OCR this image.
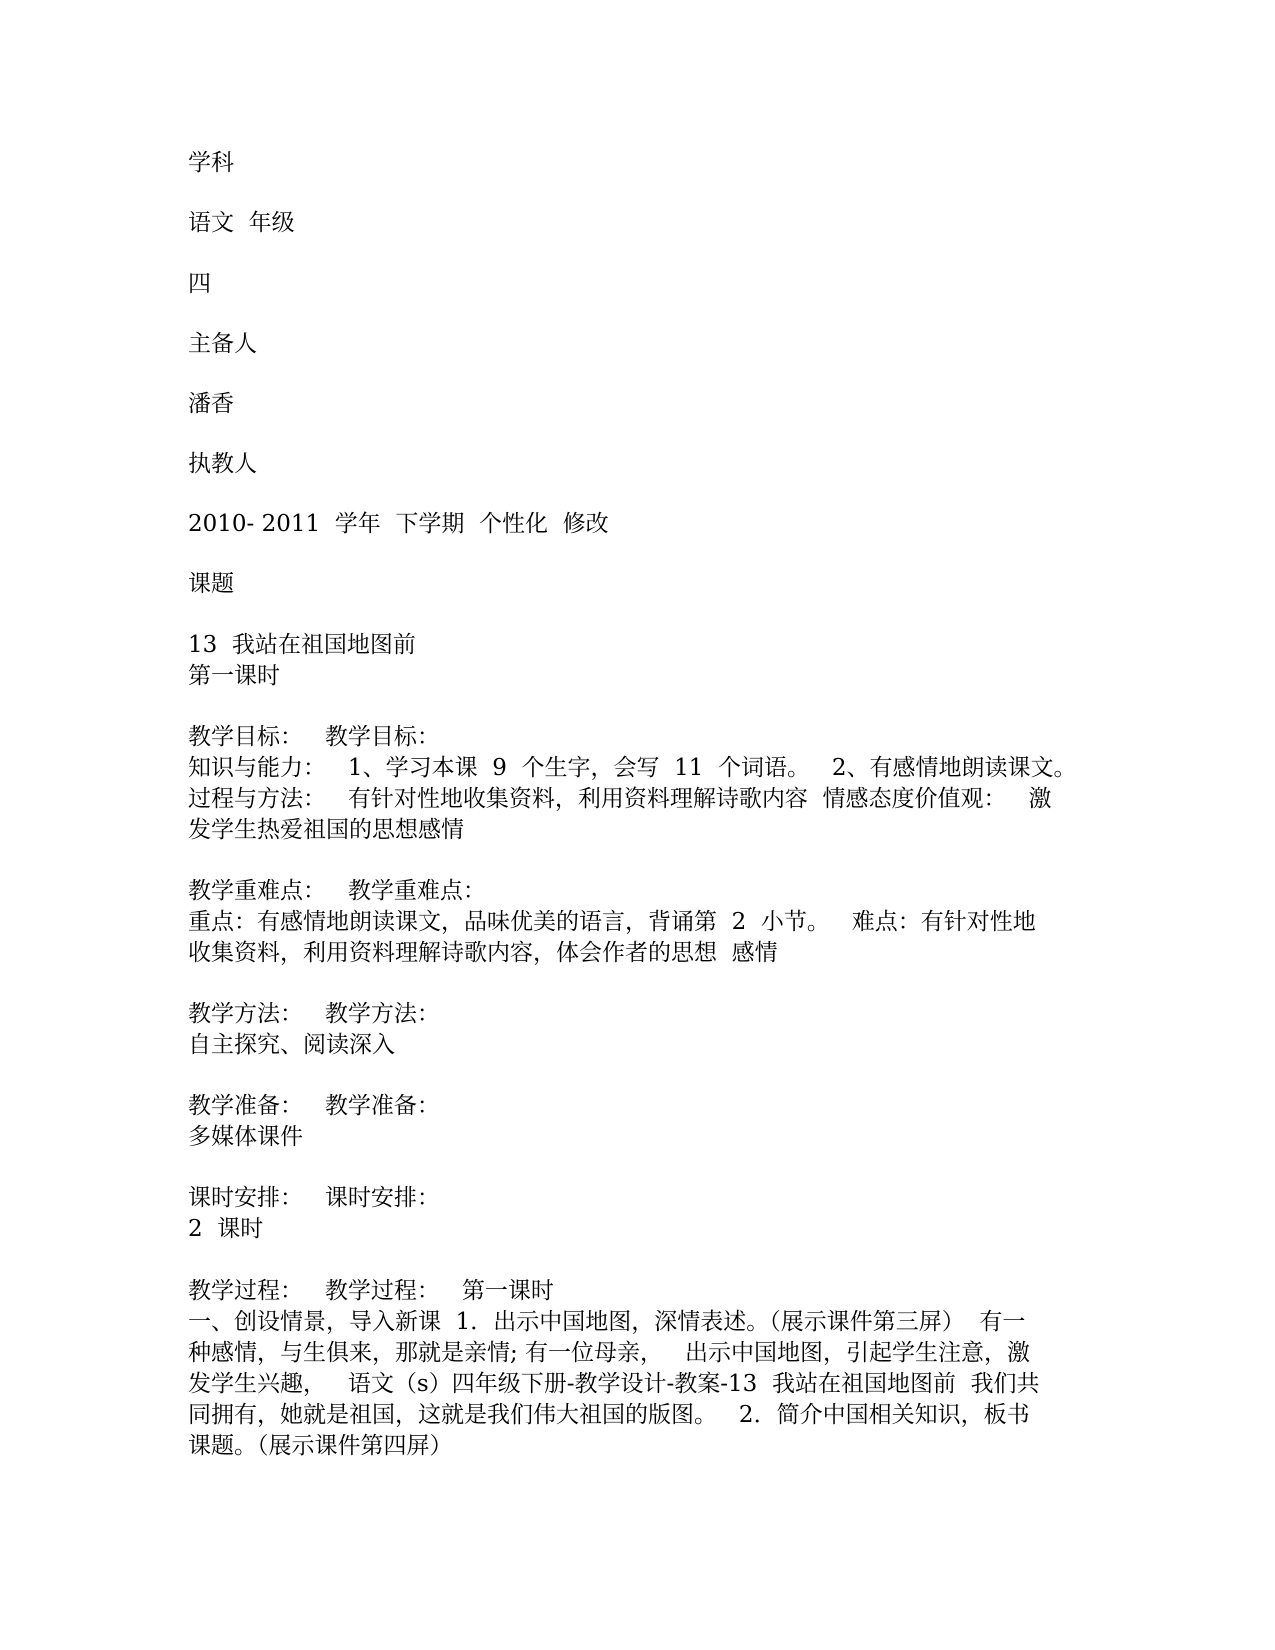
学科

语文  年级

四

主备人

潘香

执教人

2010- 2011  学年  下学期  个性化  修改

课题

13  我站在祖国地图前

第一课时

教学目标：   教学目标：

知识与能力：   1、学习本课  9  个生字，会写  11  个词语。   2、有感情地朗读课文。

过程与方法：   有针对性地收集资料，利用资料理解诗歌内容  情感态度价值观：   激

发学生热爱祖国的思想感情

教学重难点：   教学重难点：

重点：有感情地朗读课文，品味优美的语言，背诵第  2  小节。   难点：有针对性地

收集资料，利用资料理解诗歌内容，体会作者的思想  感情

教学方法：   教学方法：

自主探究、阅读深入

教学准备：   教学准备：

多媒体课件

课时安排：   课时安排：

2  课时

教学过程：   教学过程：   第一课时

一、创设情景，导入新课  1．出示中国地图，深情表述。（展示课件第三屏）  有一

种感情，与生俱来，那就是亲情; 有一位母亲，   出示中国地图，引起学生注意，激

发学生兴趣，   语文（s）四年级下册-教学设计-教案-13  我站在祖国地图前  我们共

同拥有，她就是祖国，这就是我们伟大祖国的版图。   2．简介中国相关知识，板书

课题。（展示课件第四屏）
